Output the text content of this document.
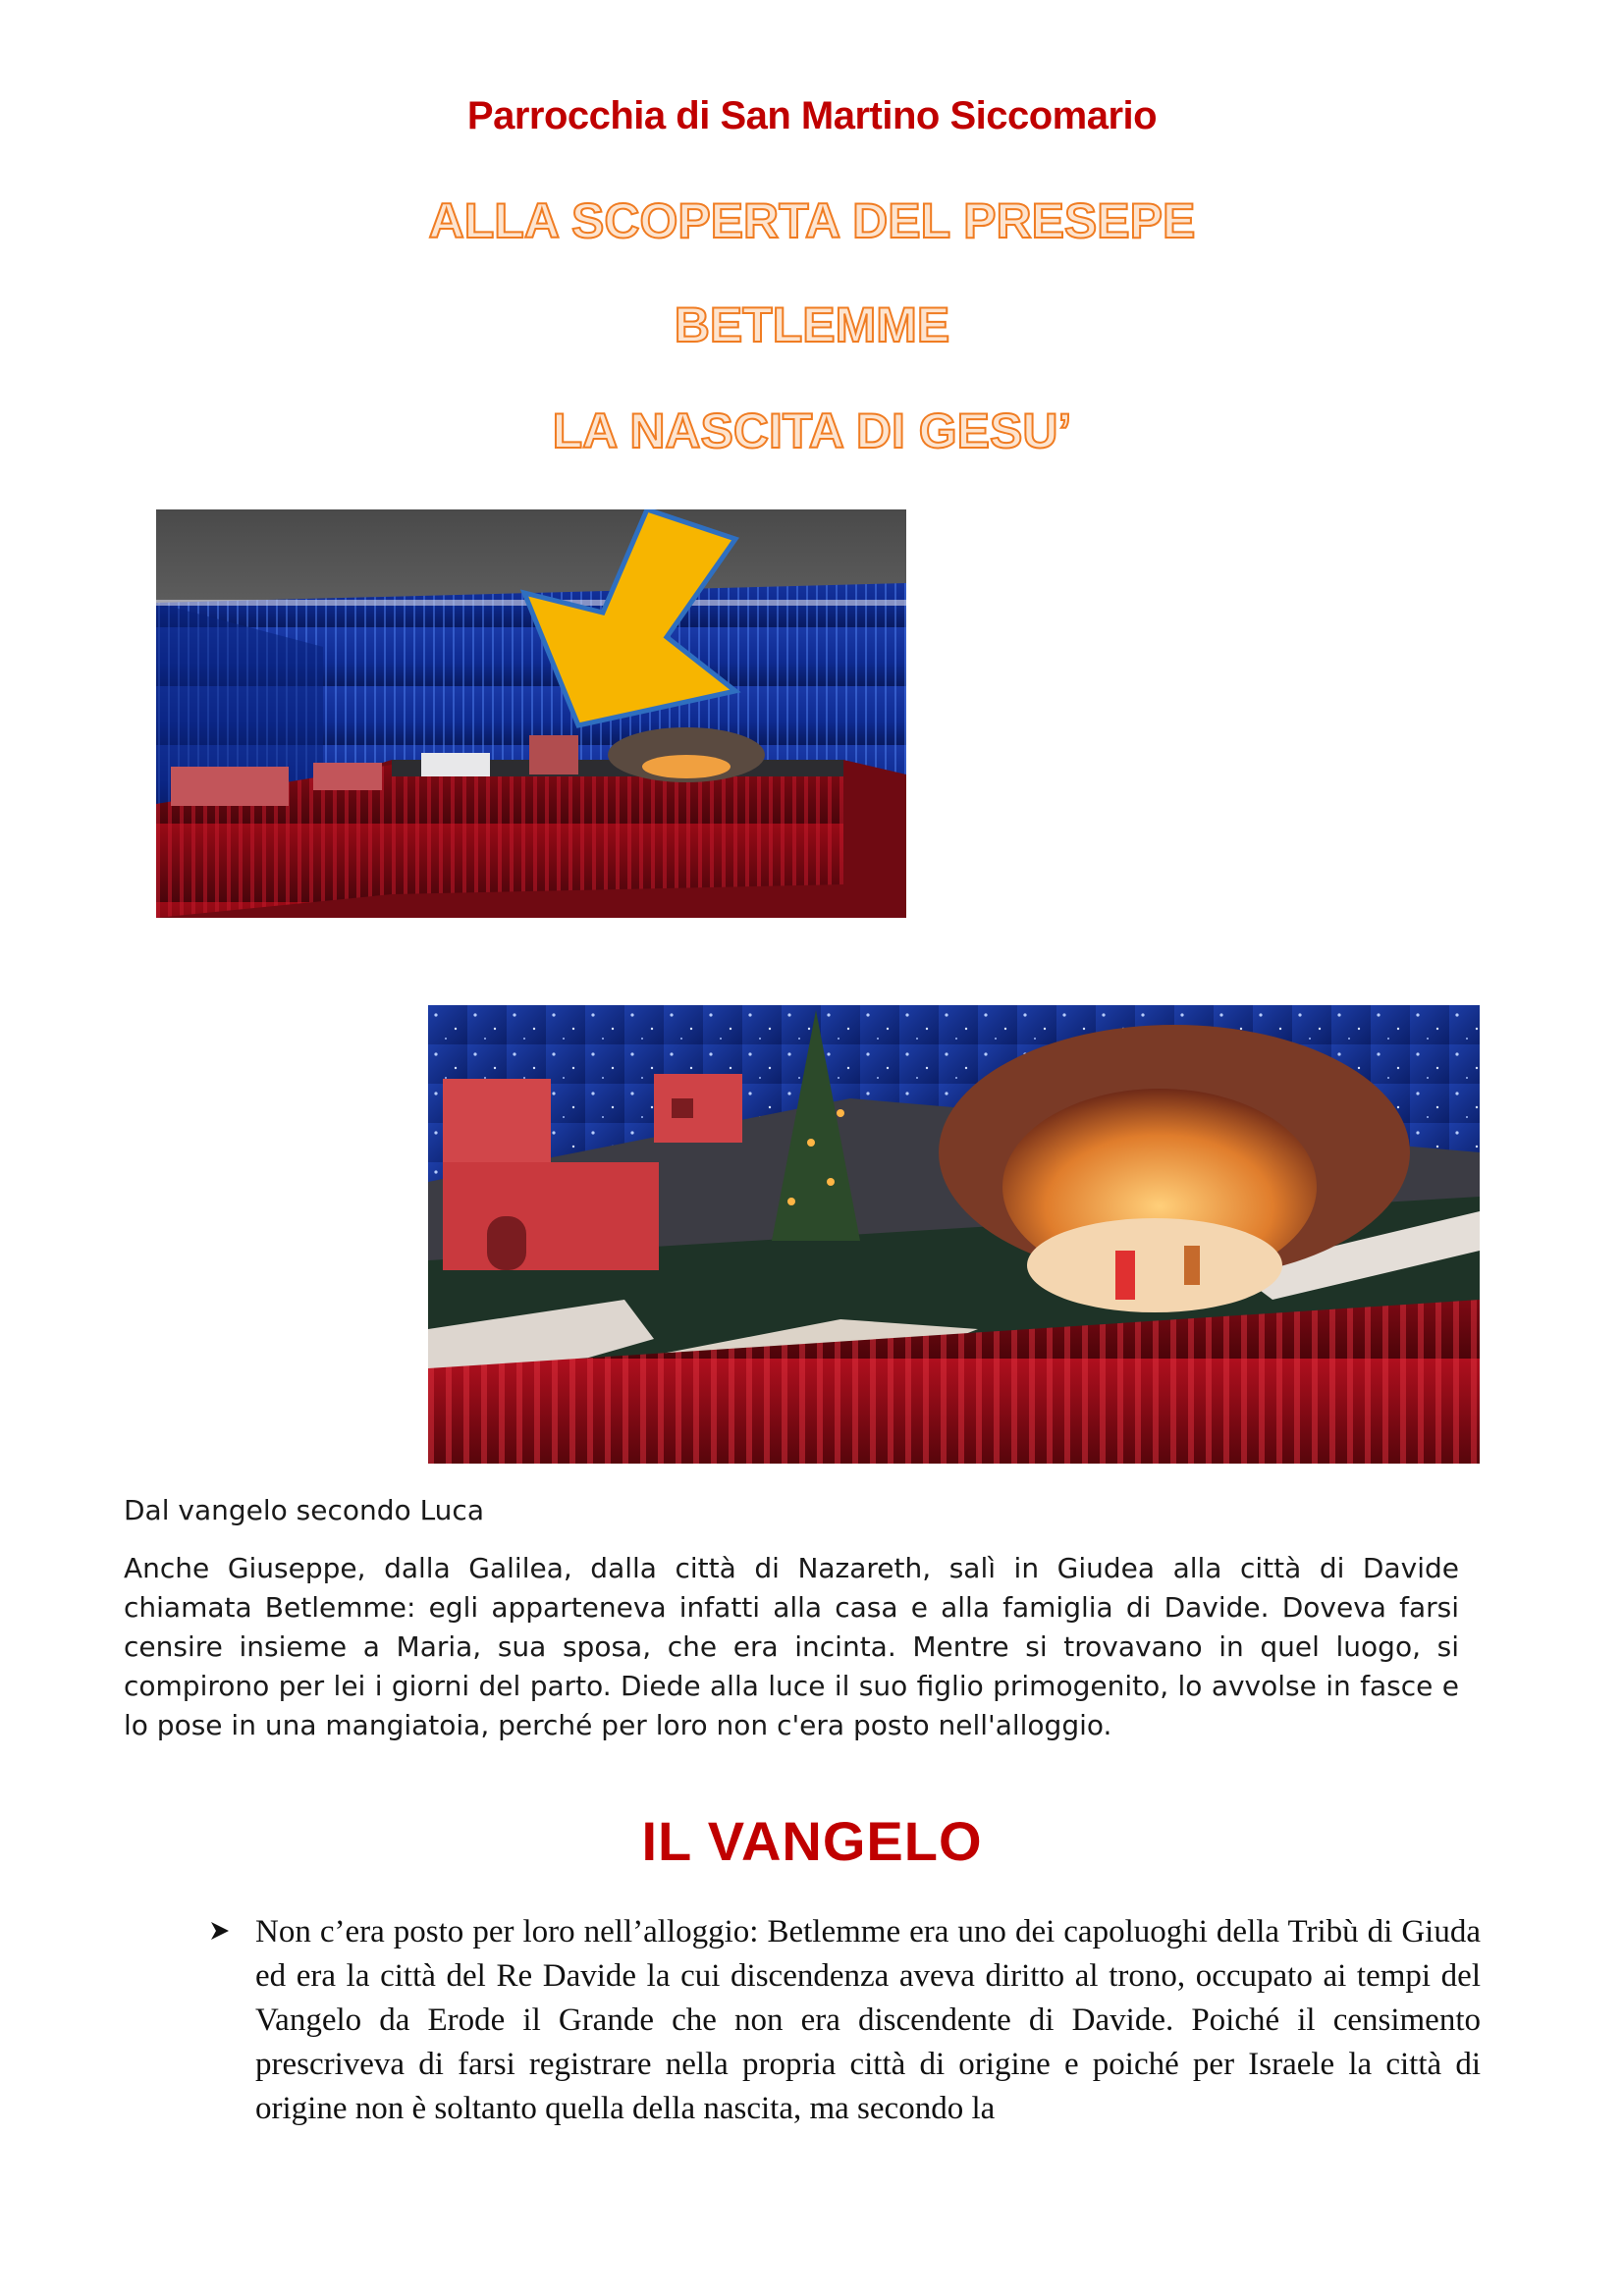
Parrocchia di San Martino Siccomario
ALLA SCOPERTA DEL PRESEPE
BETLEMME
LA NASCITA DI GESU’
Dal vangelo secondo Luca

Anche Giuseppe, dalla Galilea, dalla città di Nazareth, salì in Giudea alla città di Davide chiamata Betlemme: egli apparteneva infatti alla casa e alla famiglia di Davide. Doveva farsi censire insieme a Maria, sua sposa, che era incinta. Mentre si trovavano in quel luogo, si compirono per lei i giorni del parto. Diede alla luce il suo figlio primogenito, lo avvolse in fasce e lo pose in una mangiatoia, perché per loro non c'era posto nell'alloggio.

IL VANGELO

Non c’era posto per loro nell’alloggio: Betlemme era uno dei capoluoghi della Tribù di Giuda ed era la città del Re Davide la cui discendenza aveva diritto al trono, occupato ai tempi del Vangelo da Erode il Grande che non era discendente di Davide. Poiché il censimento prescriveva di farsi registrare nella propria città di origine e poiché per Israele la città di origine non è soltanto quella della nascita, ma secondo la
